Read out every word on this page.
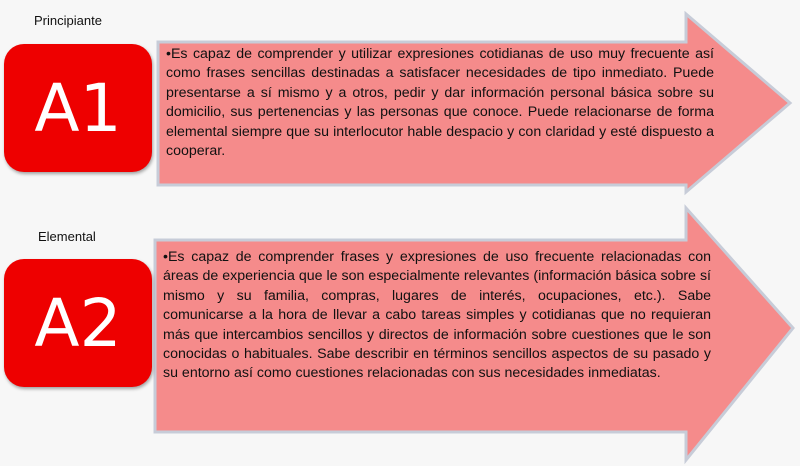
Principiante
A1
•Es capaz de comprender y utilizar expresiones cotidianas de uso muy frecuente así como frases sencillas destinadas a satisfacer necesidades de tipo inmediato. Puede presentarse a sí mismo y a otros, pedir y dar información personal básica sobre su domicilio, sus pertenencias y las personas que conoce. Puede relacionarse de forma elemental siempre que su interlocutor hable despacio y con claridad y esté dispuesto a cooperar.
Elemental
A2
•Es capaz de comprender frases y expresiones de uso frecuente relacionadas con áreas de experiencia que le son especialmente relevantes (información básica sobre sí mismo y su familia, compras, lugares de interés, ocupaciones, etc.). Sabe comunicarse a la hora de llevar a cabo tareas simples y cotidianas que no requieran más que intercambios sencillos y directos de información sobre cuestiones que le son conocidas o habituales. Sabe describir en términos sencillos aspectos de su pasado y su entorno así como cuestiones relacionadas con sus necesidades inmediatas.
